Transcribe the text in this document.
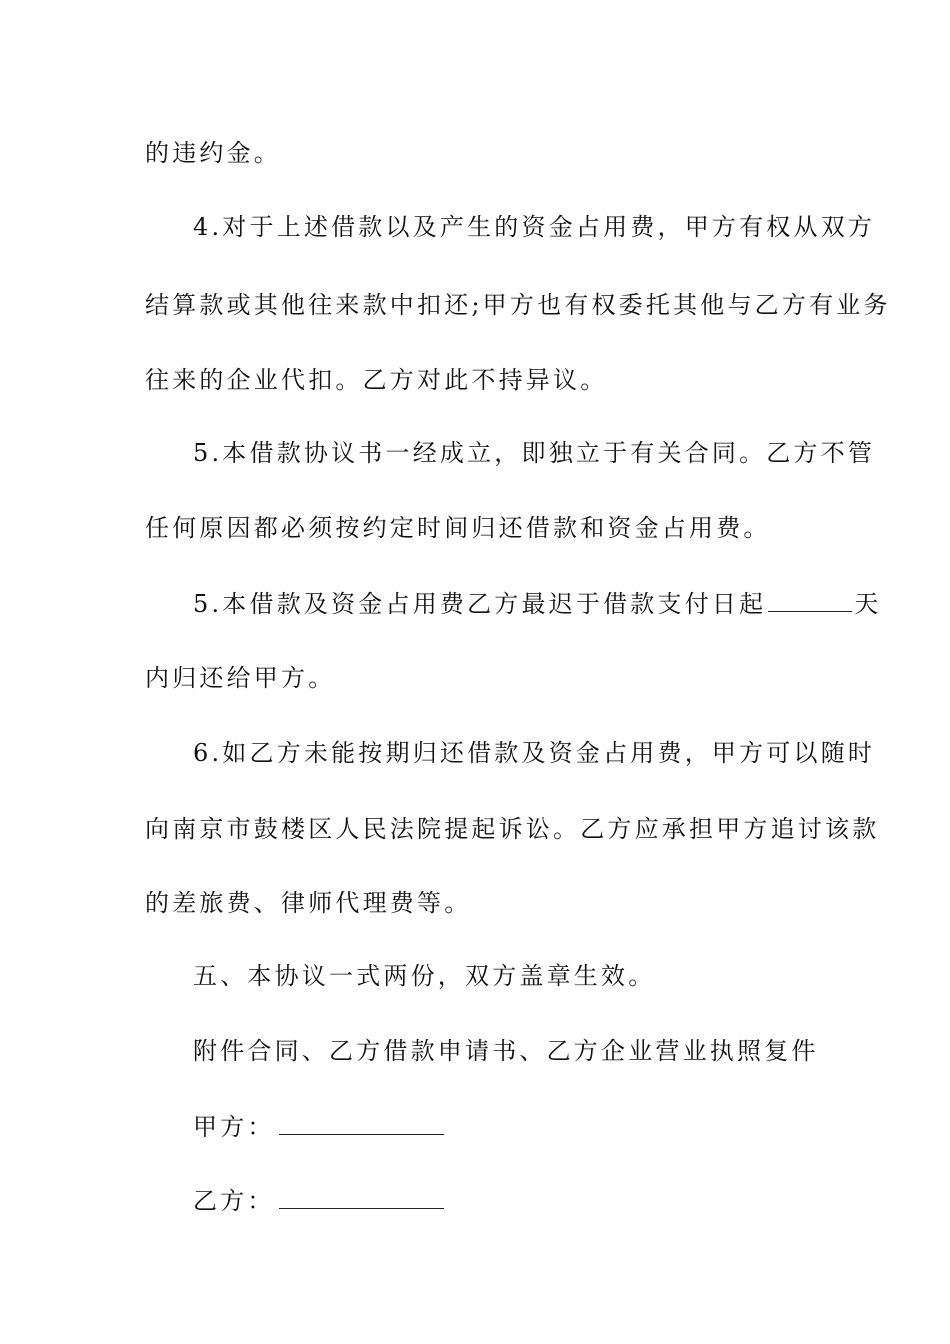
的违约金。
4.对于上述借款以及产生的资金占用费，甲方有权从双方
结算款或其他往来款中扣还;甲方也有权委托其他与乙方有业务
往来的企业代扣。乙方对此不持异议。
5.本借款协议书一经成立，即独立于有关合同。乙方不管
任何原因都必须按约定时间归还借款和资金占用费。
5.本借款及资金占用费乙方最迟于借款支付日起	天
内归还给甲方。
6.如乙方未能按期归还借款及资金占用费，甲方可以随时
向南京市鼓楼区人民法院提起诉讼。乙方应承担甲方追讨该款
的差旅费、律师代理费等。
五、本协议一式两份，双方盖章生效。
附件合同、乙方借款申请书、乙方企业营业执照复件
甲方：
乙方：
